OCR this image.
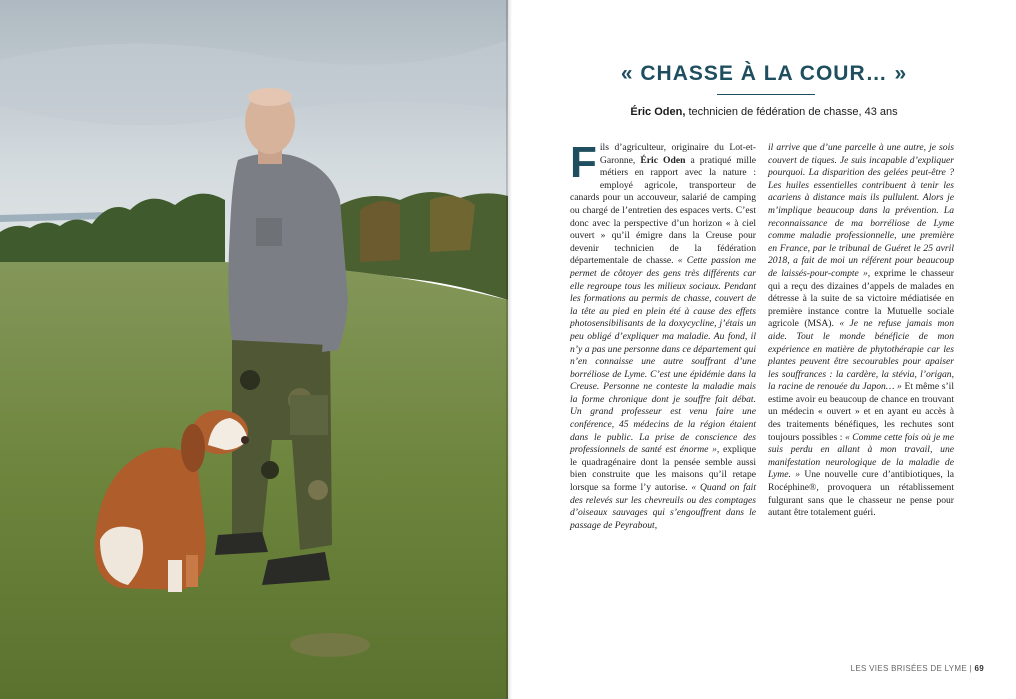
« CHASSE À LA COUR… »
Éric Oden, technicien de fédération de chasse, 43 ans
F ils d’agriculteur, originaire du Lot-et-Garonne, Éric Oden a pratiqué mille métiers en rapport avec la nature : employé agricole, transporteur de canards pour un accouveur, salarié de camping ou chargé de l’entretien des espaces verts. C’est donc avec la perspective d’un horizon « à ciel ouvert » qu’il émigre dans la Creuse pour devenir technicien de la fédération départementale de chasse. « Cette passion me permet de côtoyer des gens très différents car elle regroupe tous les milieux sociaux. Pendant les formations au permis de chasse, couvert de la tête au pied en plein été à cause des effets photosensibilisants de la doxycycline, j’étais un peu obligé d’expliquer ma maladie. Au fond, il n’y a pas une personne dans ce département qui n’en connaisse une autre souffrant d’une borréliose de Lyme. C’est une épidémie dans la Creuse. Personne ne conteste la maladie mais la forme chronique dont je souffre fait débat. Un grand professeur est venu faire une conférence, 45 médecins de la région étaient dans le public. La prise de conscience des professionnels de santé est énorme », explique le quadragénaire dont la pensée semble aussi bien construite que les maisons qu’il retape lorsque sa forme l’y autorise. « Quand on fait des relevés sur les chevreuils ou des comptages d’oiseaux sauvages qui s’engouffrent dans le passage de Peyrabout,
il arrive que d’une parcelle à une autre, je sois couvert de tiques. Je suis incapable d’expliquer pourquoi. La disparition des gelées peut-être ? Les huiles essentielles contribuent à tenir les acariens à distance mais ils pullulent. Alors je m’implique beaucoup dans la prévention. La reconnaissance de ma borréliose de Lyme comme maladie professionnelle, une première en France, par le tribunal de Guéret le 25 avril 2018, a fait de moi un référent pour beaucoup de laissés-pour-compte », exprime le chasseur qui a reçu des dizaines d’appels de malades en détresse à la suite de sa victoire médiatisée en première instance contre la Mutuelle sociale agricole (MSA). « Je ne refuse jamais mon aide. Tout le monde bénéficie de mon expérience en matière de phytothérapie car les plantes peuvent être secourables pour apaiser les souffrances : la cardère, la stévia, l’origan, la racine de renouée du Japon… » Et même s’il estime avoir eu beaucoup de chance en trouvant un médecin « ouvert » et en ayant eu accès à des traitements bénéfiques, les rechutes sont toujours possibles : « Comme cette fois où je me suis perdu en allant à mon travail, une manifestation neurologique de la maladie de Lyme. » Une nouvelle cure d’antibiotiques, la Rocéphine®, provoquera un rétablissement fulgurant sans que le chasseur ne pense pour autant être totalement guéri.
LES VIES BRISÉES DE LYME | 69
